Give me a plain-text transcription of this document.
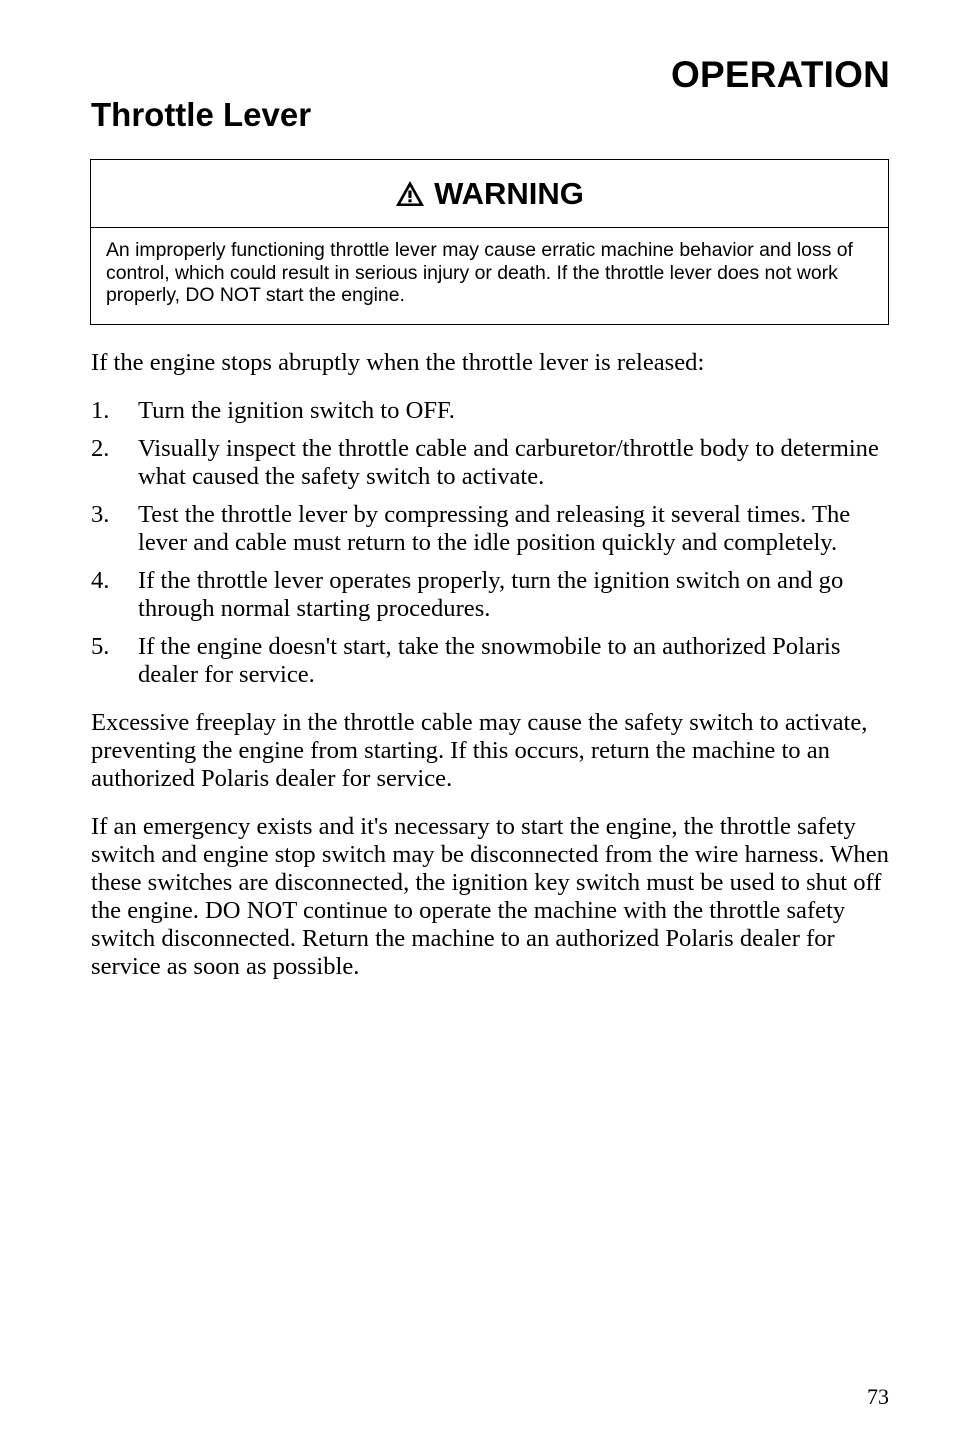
OPERATION
Throttle Lever
WARNING
An improperly functioning throttle lever may cause erratic machine behavior and loss of control, which could result in serious injury or death. If the throttle lever does not work properly, DO NOT start the engine.

If the engine stops abruptly when the throttle lever is released:

1.	Turn the ignition switch to OFF.
2.	Visually inspect the throttle cable and carburetor/throttle body to determine what caused the safety switch to activate.
3.	Test the throttle lever by compressing and releasing it several times. The lever and cable must return to the idle position quickly and completely.
4.	If the throttle lever operates properly, turn the ignition switch on and go through normal starting procedures.
5.	If the engine doesn't start, take the snowmobile to an authorized Polaris dealer for service.

Excessive freeplay in the throttle cable may cause the safety switch to activate, preventing the engine from starting. If this occurs, return the machine to an authorized Polaris dealer for service.

If an emergency exists and it's necessary to start the engine, the throttle safety switch and engine stop switch may be disconnected from the wire harness. When these switches are disconnected, the ignition key switch must be used to shut off the engine. DO NOT continue to operate the machine with the throttle safety switch disconnected. Return the machine to an authorized Polaris dealer for service as soon as possible.

73
